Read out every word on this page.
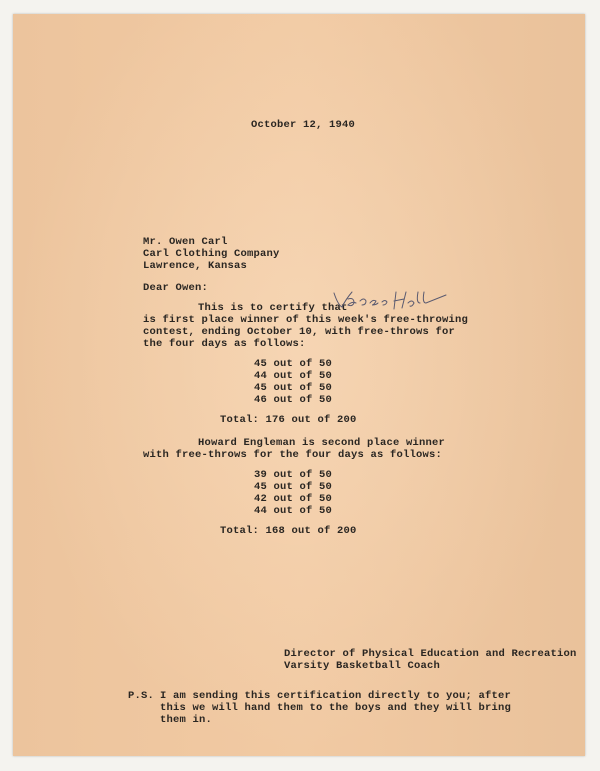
October 12, 1940
Mr. Owen Carl
Carl Clothing Company
Lawrence, Kansas
Dear Owen:
This is to certify that
is first place winner of this week's free-throwing
contest, ending October 10, with free-throws for
the four days as follows:
45 out of 50
44 out of 50
45 out of 50
46 out of 50
Total: 176 out of 200
Howard Engleman is second place winner
with free-throws for the four days as follows:
39 out of 50
45 out of 50
42 out of 50
44 out of 50
Total: 168 out of 200
Director of Physical Education and Recreation
Varsity Basketball Coach
P.S. I am sending this certification directly to you; after
this we will hand them to the boys and they will bring
them in.
